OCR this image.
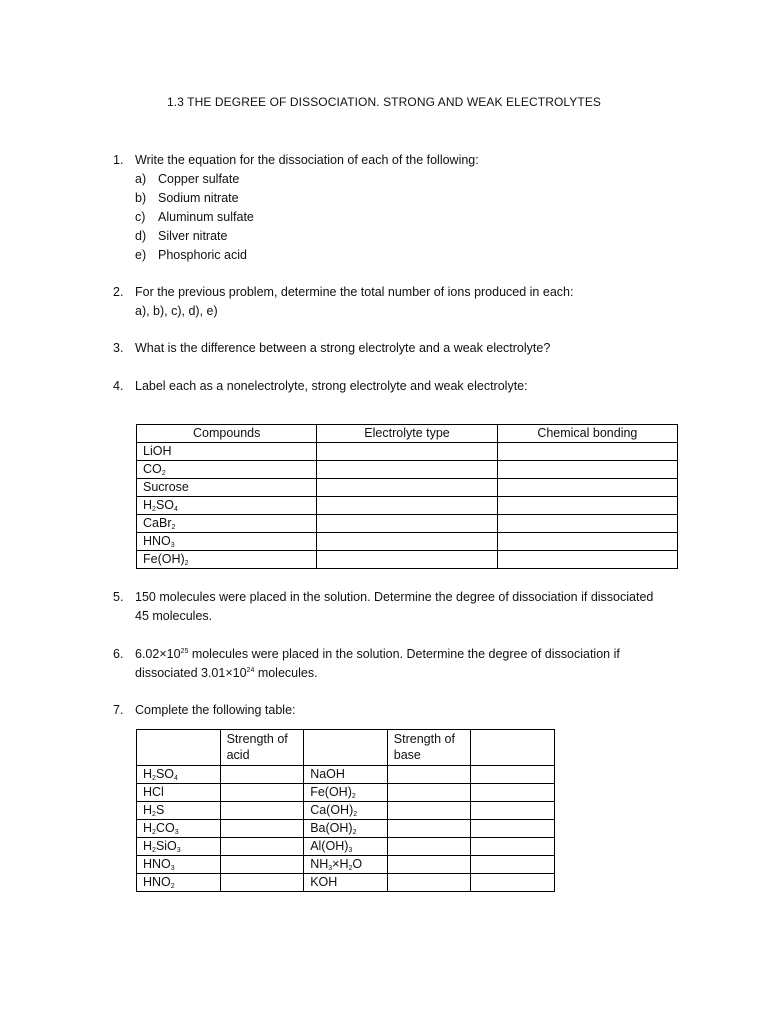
1.3 THE DEGREE OF DISSOCIATION. STRONG AND WEAK ELECTROLYTES
1. Write the equation for the dissociation of each of the following:
a) Copper sulfate
b) Sodium nitrate
c)	Aluminum sulfate
d) Silver nitrate
e) Phosphoric acid
2. For the previous problem, determine the total number of ions produced in each:
a), b), c), d), e)
3. What is the difference between a strong electrolyte and a weak electrolyte?
4. Label each as a nonelectrolyte, strong electrolyte and weak electrolyte:
Compounds	Electrolyte type	Chemical bonding
LiOH		
$CO_2$		
Sucrose		
$H_2SO_4$		
CaBr$_2$		
$HNO_3$		
$Fe(OH)_2$		
5. 150 molecules were placed in the solution. Determine the degree of dissociation if dissociated
45 molecules.
6. $6.02\times 10^{25}$ molecules were placed in the solution. Determine the degree of dissociation if
dissociated $3.01\times 10^{24}$ molecules.
7. Complete the following table:
	Strength of acid		Strength of base	
$H_2SO_4$		NaOH		
HCl		$Fe(OH)_2$		
$H_2S$		$Ca(OH)_2$		
$H_2CO_3$		$Ba(OH)_2$		
$H_2SiO_3$		$Al(OH)_3$		
$HNO_3$		$NH_3\times H_2O$		
$HNO_2$		KOH		
